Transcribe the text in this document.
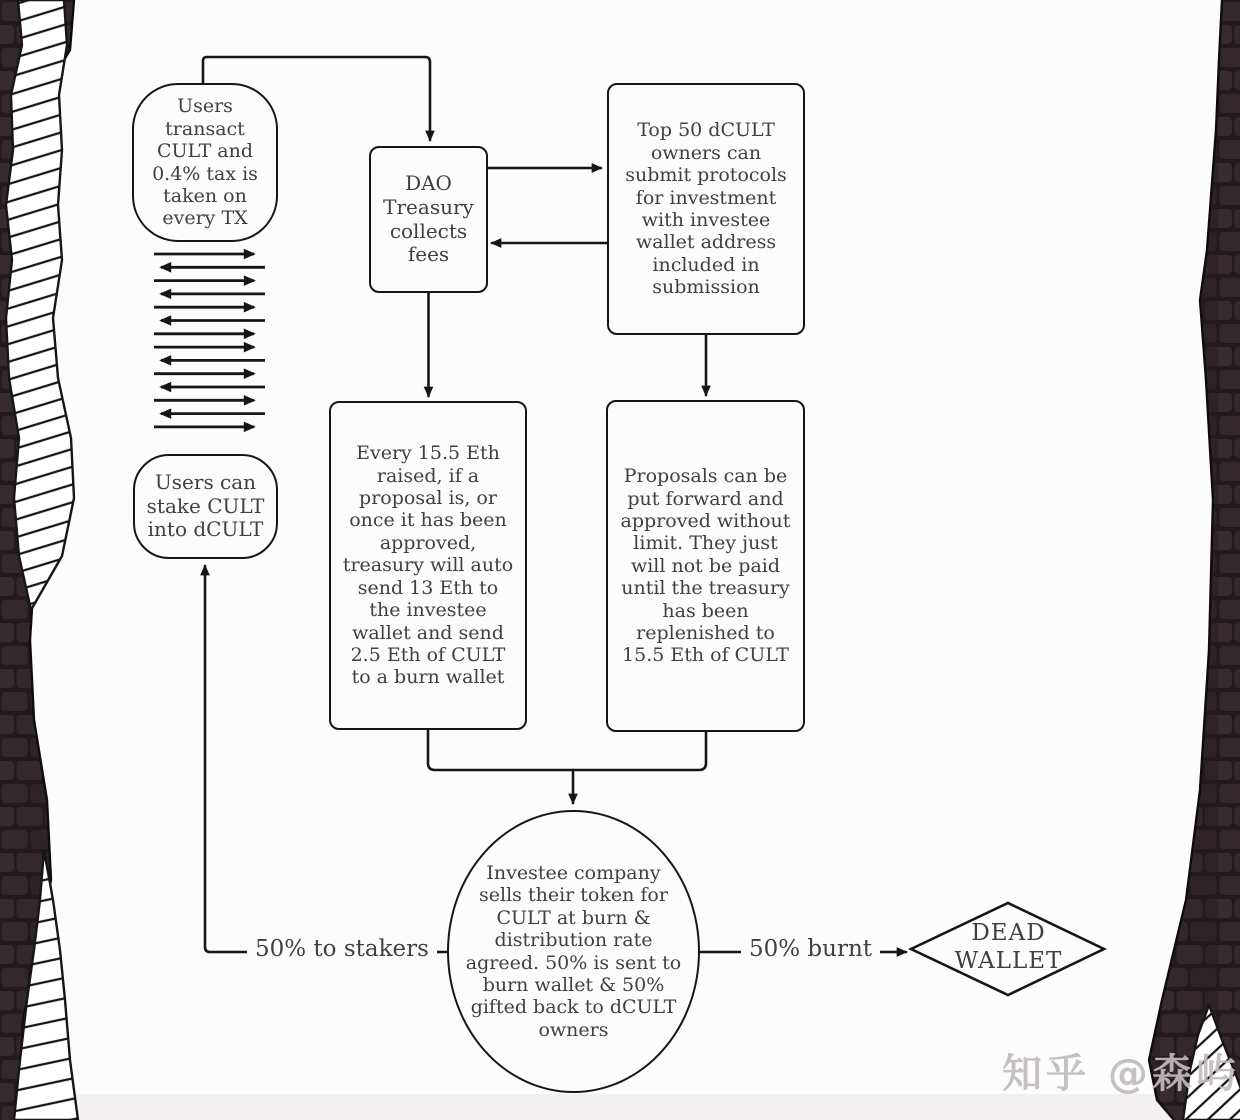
Users transact CULT and 0.4% tax is taken on every TX
DAO Treasury collects fees
Top 50 dCULT owners can submit protocols for investment with investee wallet address included in submission
Users can stake CULT into dCULT
Every 15.5 Eth raised, if a proposal is, or once it has been approved, treasury will auto send 13 Eth to the investee wallet and send 2.5 Eth of CULT to a burn wallet
Proposals can be put forward and approved without limit. They just will not be paid until the treasury has been replenished to 15.5 Eth of CULT
Investee company sells their token for CULT at burn & distribution rate agreed. 50% is sent to burn wallet & 50% gifted back to dCULT owners
50% to stakers	50% burnt
DEAD WALLET
知乎 @森屿
